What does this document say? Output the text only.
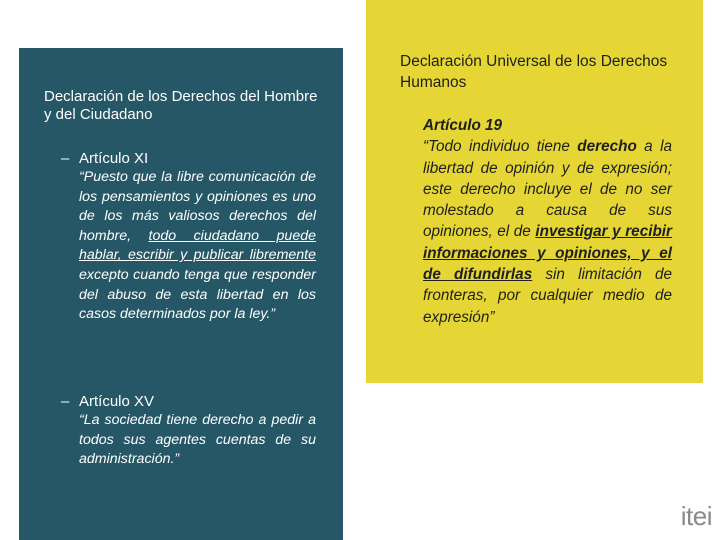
Declaración de los Derechos del Hombre y del Ciudadano
– Artículo XI
“Puesto que la libre comunicación de los pensamientos y opiniones es uno de los más valiosos derechos del hombre, todo ciudadano puede hablar, escribir y publicar libremente excepto cuando tenga que responder del abuso de esta libertad en los casos determinados por la ley.”
– Artículo XV
“La sociedad tiene derecho a pedir a todos sus agentes cuentas de su administración.”
Declaración Universal de los Derechos Humanos
Artículo 19
“Todo individuo tiene derecho a la libertad de opinión y de expresión; este derecho incluye el de no ser molestado a causa de sus opiniones, el de investigar y recibir informaciones y opiniones, y el de difundirlas sin limitación de fronteras, por cualquier medio de expresión”
itei
